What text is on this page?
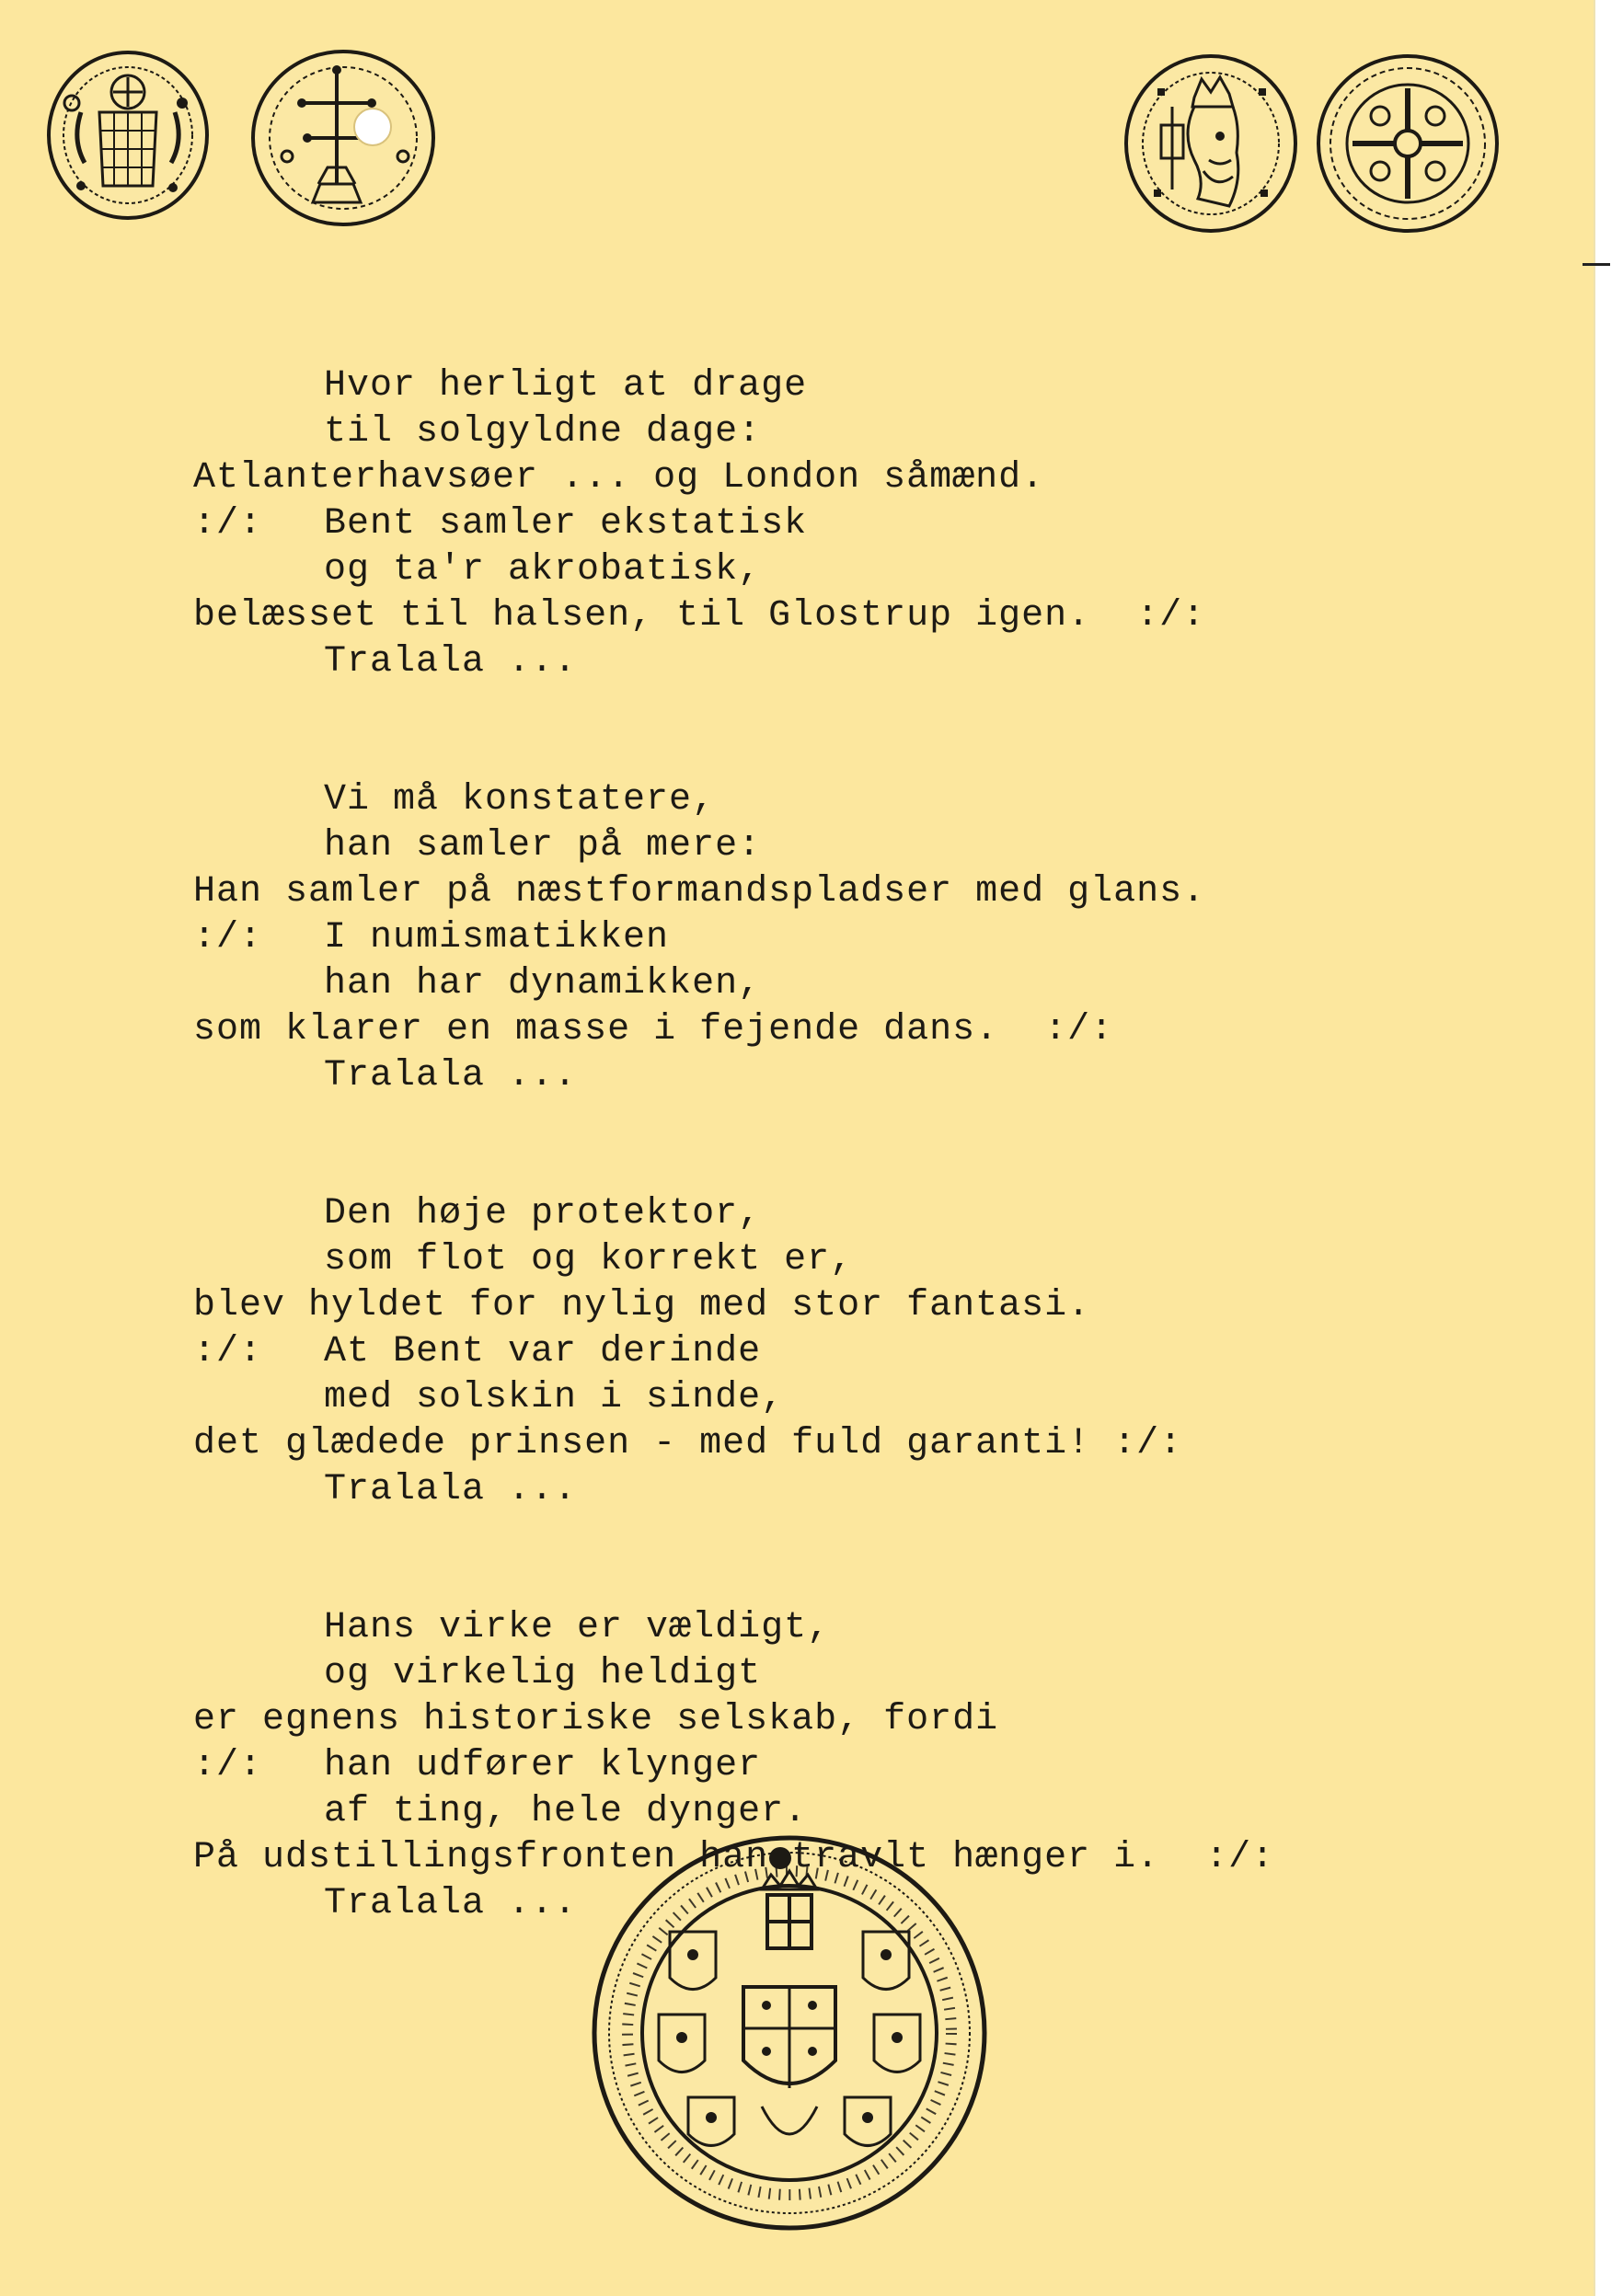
Hvor herligt at drage
til solgyldne dage:
Atlanterhavsøer ... og London såmænd.
:/: Bent samler ekstatisk
og ta'r akrobatisk,
belæsset til halsen, til Glostrup igen.  :/:
Tralala ...
Vi må konstatere,
han samler på mere:
Han samler på næstformandspladser med glans.
:/: I numismatikken
han har dynamikken,
som klarer en masse i fejende dans.  :/:
Tralala ...
Den høje protektor,
som flot og korrekt er,
blev hyldet for nylig med stor fantasi.
:/: At Bent var derinde
med solskin i sinde,
det glædede prinsen - med fuld garanti! :/:
Tralala ...
Hans virke er vældigt,
og virkelig heldigt
er egnens historiske selskab, fordi
:/: han udfører klynger
af ting, hele dynger.
På udstillingsfronten han travlt hænger i.  :/:
Tralala ...
